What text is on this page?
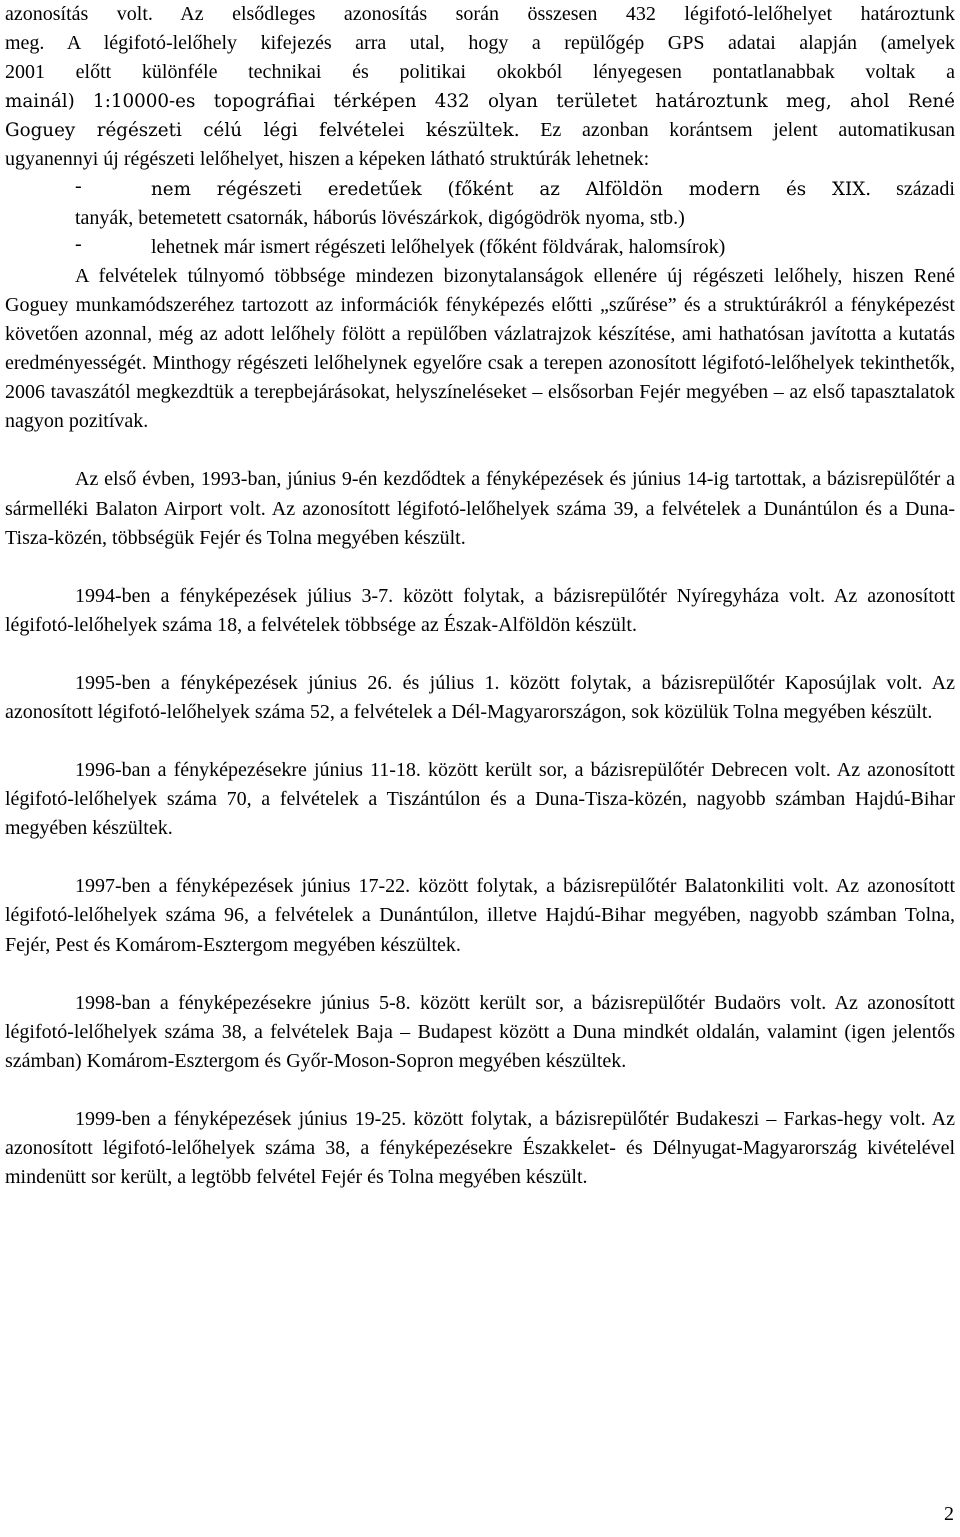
azonosítás volt. Az elsődleges azonosítás során összesen 432 légifotó-lelőhelyet határoztunk

meg. A légifotó-lelőhely kifejezés arra utal, hogy a repülőgép GPS adatai alapján (amelyek

2001 előtt különféle technikai és politikai okokból lényegesen pontatlanabbak voltak a

mainál) 1:10000-es topográfiai térképen 432 olyan területet határoztunk meg, ahol René

Goguey régészeti célú légi felvételei készültek. Ez azonban korántsem jelent automatikusan

ugyanennyi új régészeti lelőhelyet, hiszen a képeken látható struktúrák lehetnek:

-	nem régészeti eredetűek (főként az Alföldön modern és XIX. századi

tanyák, betemetett csatornák, háborús lövészárkok, digógödrök nyoma, stb.)

-	lehetnek már ismert régészeti lelőhelyek (főként földvárak, halomsírok)

A felvételek túlnyomó többsége mindezen bizonytalanságok ellenére új régészeti lelőhely, hiszen René Goguey munkamódszeréhez tartozott az információk fényképezés előtti „szűrése” és a struktúrákról a fényképezést követően azonnal, még az adott lelőhely fölött a repülőben vázlatrajzok készítése, ami hathatósan javította a kutatás eredményességét. Minthogy régészeti lelőhelynek egyelőre csak a terepen azonosított légifotó-lelőhelyek tekinthetők, 2006 tavaszától megkezdtük a terepbejárásokat, helyszíneléseket – elsősorban Fejér megyében – az első tapasztalatok nagyon pozitívak.

Az első évben, 1993-ban, június 9-én kezdődtek a fényképezések és június 14-ig tartottak, a bázisrepülőtér a sármelléki Balaton Airport volt. Az azonosított légifotó-lelőhelyek száma 39, a felvételek a Dunántúlon és a Duna-Tisza-közén, többségük Fejér és Tolna megyében készült.

1994-ben a fényképezések július 3-7. között folytak, a bázisrepülőtér Nyíregyháza volt. Az azonosított légifotó-lelőhelyek száma 18, a felvételek többsége az Észak-Alföldön készült.

1995-ben a fényképezések június 26. és július 1. között folytak, a bázisrepülőtér Kaposújlak volt. Az azonosított légifotó-lelőhelyek száma 52, a felvételek a Dél-Magyarországon, sok közülük Tolna megyében készült.

1996-ban a fényképezésekre június 11-18. között került sor, a bázisrepülőtér Debrecen volt. Az azonosított légifotó-lelőhelyek száma 70, a felvételek a Tiszántúlon és a Duna-Tisza-közén, nagyobb számban Hajdú-Bihar megyében készültek.

1997-ben a fényképezések június 17-22. között folytak, a bázisrepülőtér Balatonkiliti volt. Az azonosított légifotó-lelőhelyek száma 96, a felvételek a Dunántúlon, illetve Hajdú-Bihar megyében, nagyobb számban Tolna, Fejér, Pest és Komárom-Esztergom megyében készültek.

1998-ban a fényképezésekre június 5-8. között került sor, a bázisrepülőtér Budaörs volt. Az azonosított légifotó-lelőhelyek száma 38, a felvételek Baja – Budapest között a Duna mindkét oldalán, valamint (igen jelentős számban) Komárom-Esztergom és Győr-Moson-Sopron megyében készültek.

1999-ben a fényképezések június 19-25. között folytak, a bázisrepülőtér Budakeszi – Farkas-hegy volt. Az azonosított légifotó-lelőhelyek száma 38, a fényképezésekre Északkelet- és Délnyugat-Magyarország kivételével mindenütt sor került, a legtöbb felvétel Fejér és Tolna megyében készült.

2
